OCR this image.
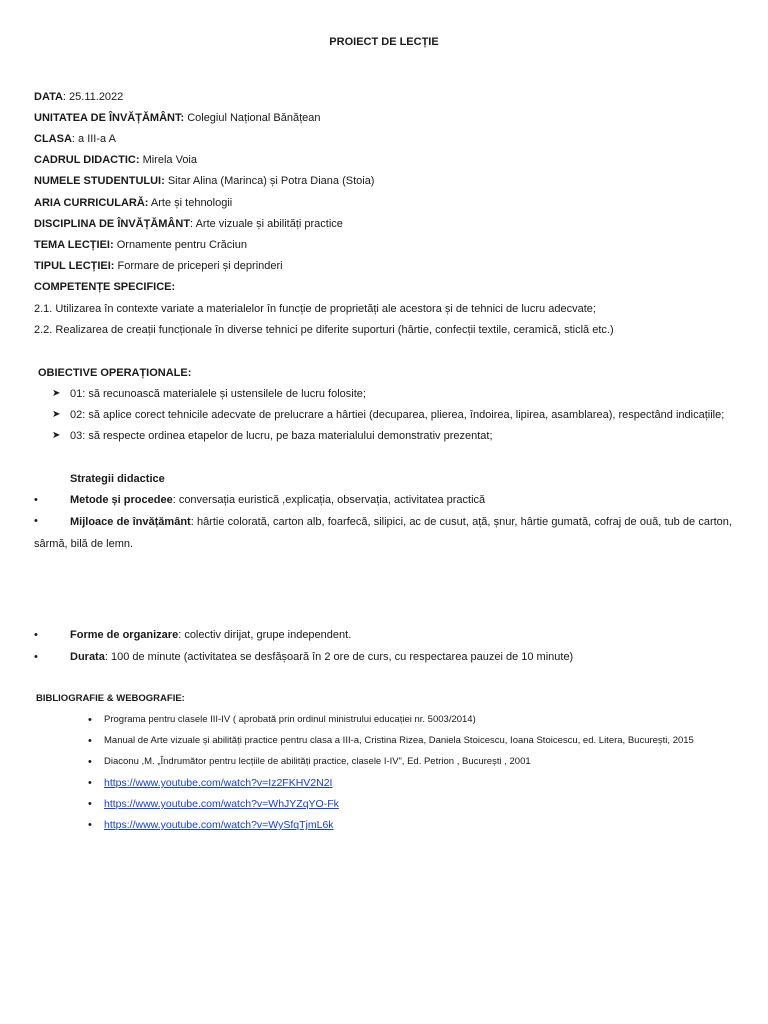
PROIECT DE LECȚIE
DATA: 25.11.2022
UNITATEA DE ÎNVĂȚĂMÂNT: Colegiul Național Bănățean
CLASA: a III-a A
CADRUL DIDACTIC: Mirela Voia
NUMELE STUDENTULUI: Sitar Alina (Marinca) și Potra Diana (Stoia)
ARIA CURRICULARĂ: Arte și tehnologii
DISCIPLINA DE ÎNVĂȚĂMÂNT: Arte vizuale și abilități practice
TEMA LECȚIEI: Ornamente pentru Crăciun
TIPUL LECȚIEI: Formare de priceperi și deprinderi
COMPETENȚE SPECIFICE:
2.1. Utilizarea în contexte variate a materialelor în funcție de proprietăți ale acestora și de tehnici de lucru adecvate;
2.2. Realizarea de creații funcționale în diverse tehnici pe diferite suporturi (hârtie, confecții textile, ceramică, sticlă etc.)
OBIECTIVE OPERAȚIONALE:
➤ 01: să recunoască materialele și ustensilele de lucru folosite;
➤ 02: să aplice corect tehnicile adecvate de prelucrare a hârtiei (decuparea, plierea, îndoirea, lipirea, asamblarea), respectând indicațiile;
➤ 03: să respecte ordinea etapelor de lucru, pe baza materialului demonstrativ prezentat;
Strategii didactice
•	Metode și procedee: conversația euristică ,explicația, observația, activitatea practică
•	Mijloace de învățământ: hârtie colorată, carton alb, foarfecă, silipici, ac de cusut, ață, șnur, hârtie gumată, cofraj de ouă, tub de carton, sârmă, bilă de lemn.
•	Forme de organizare: colectiv dirijat, grupe independent.
•	Durata: 100 de minute (activitatea se desfășoară în 2 ore de curs, cu respectarea pauzei de 10 minute)
BIBLIOGRAFIE & WEBOGRAFIE:
• Programa pentru clasele III-IV ( aprobată prin ordinul ministrului educației nr. 5003/2014)
• Manual de Arte vizuale și abilități practice pentru clasa a III-a, Cristina Rizea, Daniela Stoicescu, Ioana Stoicescu, ed. Litera, București, 2015
• Diaconu ,M. „Îndrumător pentru lecțiile de abilități practice, clasele I-IV”, Ed. Petrion , București , 2001
• https://www.youtube.com/watch?v=Iz2FKHV2N2I
• https://www.youtube.com/watch?v=WhJYZqYO-Fk
• https://www.youtube.com/watch?v=WySfqTjmL6k
